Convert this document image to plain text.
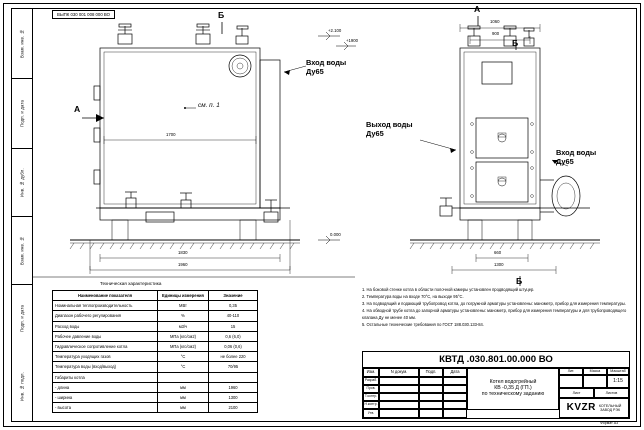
Взам. инв. №
Подп. и дата
Инв. № дубл.
Взам. инв. №
Подп. и дата
Инв. № подл.
ВЫПК 030 001 008 000 ВО	Б
A
A
Б
Б
см. п. 1
+2.100
+1900
0.000
1700
1830
1960
1060
900
660
1300
Вход воды
Ду65
Выход воды
Ду65
Вход воды
Ду65
Техническая характеристика
Наименование показателя	Единицы измерения	Значение
Номинальная теплопроизводительность	МВт	0,35
Диапазон рабочего регулирования	%	40-110
Расход воды	м3/ч	15
Рабочее давление воды	МПа (кгс/см2)	0,6 (6,0)
Гидравлическое сопротивление котла	МПа (кгс/см2)	0,06 (0,6)
Температура уходящих газов	°С	не более 220
Температура воды (вход/выход)	°С	70/95
Габариты котла		
- длина	мм	1960
- ширина	мм	1300
- высота	мм	2100
1. На боковой стенке котла в области полочной камеры установлен продводящий штуцер.
2. Температура воды на входе 70°С, на выходе 95°С.
3. На подводящий и подающий трубопровод котла, до погружной арматуры установлены: манометр, прибор для измерения температуры.
4. На обводной трубе котла до запорной арматуры установлены: манометр, прибор для измерения температуры и для трубопроводящего клапана Ду не менее 40 мм.
5. Остальные технические требования по ГОСТ 188.030.133-84.
КВТД .030.801.00.000 ВО
Изм.	N докум.	Подп.	Дата
Разраб.
Пров.
Т.контр.
Н.контр.
Утв.
Котел водогрейный
КВ -0,35 Д (ГП.)
по техническому заданию
Лит.	Масса	Масштаб
1:15
Лист	Листов
KVZR КОТЕЛЬНЫЙ
ЗАВОД РЭК
Формат A3
